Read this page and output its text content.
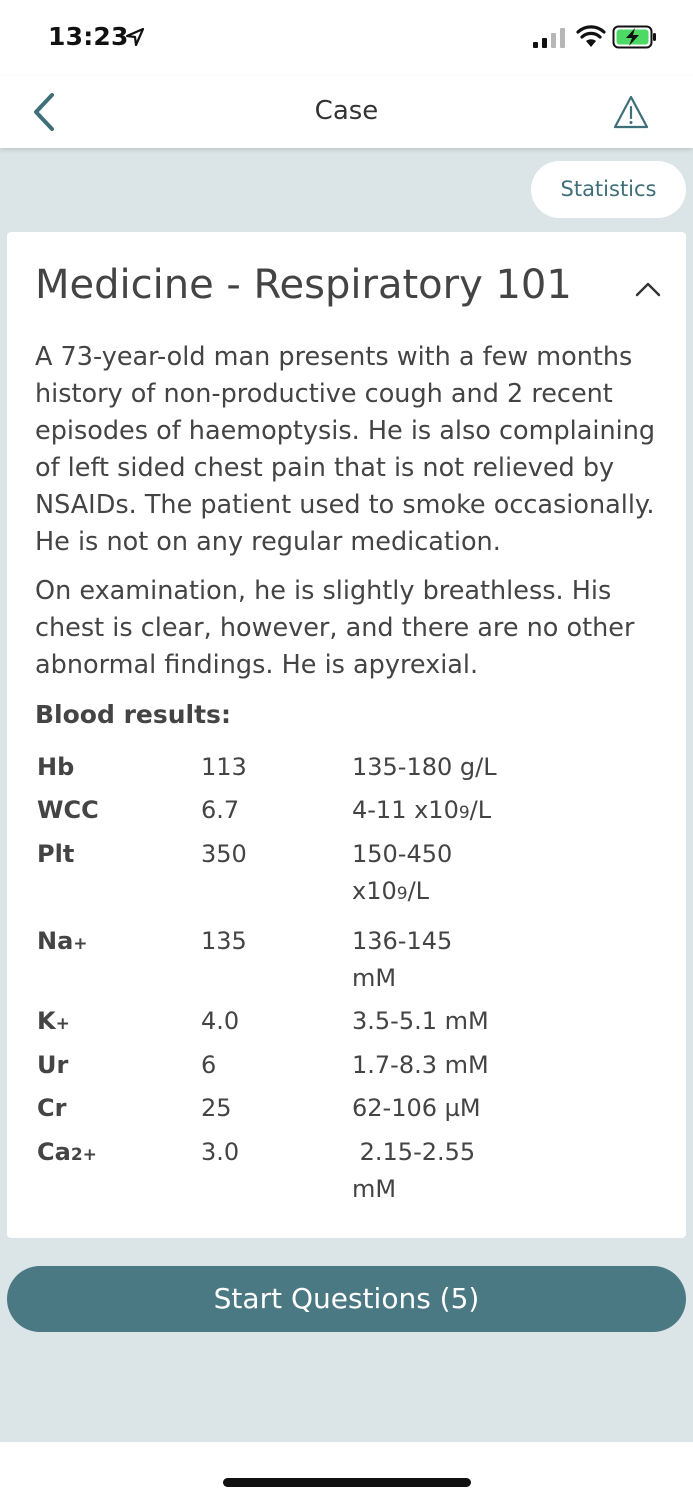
13:23
Case
Statistics
Medicine - Respiratory 101

A 73-year-old man presents with a few months history of non-productive cough and 2 recent episodes of haemoptysis. He is also complaining of left sided chest pain that is not relieved by NSAIDs. The patient used to smoke occasionally. He is not on any regular medication.

On examination, he is slightly breathless. His chest is clear, however, and there are no other abnormal findings. He is apyrexial.

Blood results:
Hb	113	135-180 g/L
WCC	6.7	4-11 x109/L
Plt	350	150-450 x109/L
Na+	135	136-145 mM
K+	4.0	3.5-5.1 mM
Ur	6	1.7-8.3 mM
Cr	25	62-106 µM
Ca2+	3.0	2.15-2.55 mM
Start Questions (5)
